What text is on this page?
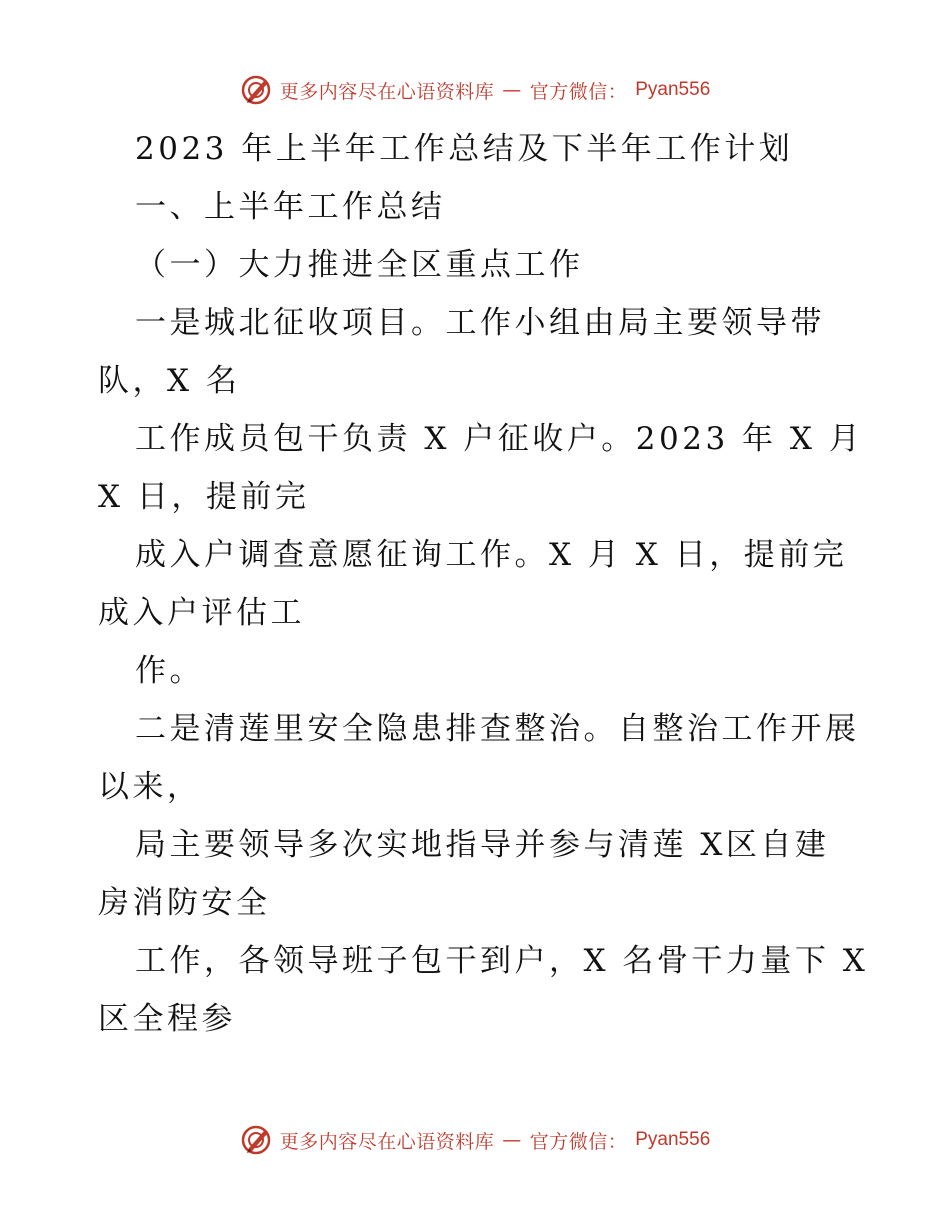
更多内容尽在心语资料库 — 官方微信： Pyan556
2023 年上半年工作总结及下半年工作计划
一、上半年工作总结
（一）大力推进全区重点工作
一是城北征收项目。工作小组由局主要领导带
队，X 名
工作成员包干负责 X 户征收户。2023 年 X 月
X 日，提前完
成入户调查意愿征询工作。X 月 X 日，提前完
成入户评估工
作。
二是清莲里安全隐患排查整治。自整治工作开展
以来，
局主要领导多次实地指导并参与清莲 X区自建
房消防安全
工作，各领导班子包干到户，X 名骨干力量下 X
区全程参
更多内容尽在心语资料库 — 官方微信： Pyan556
